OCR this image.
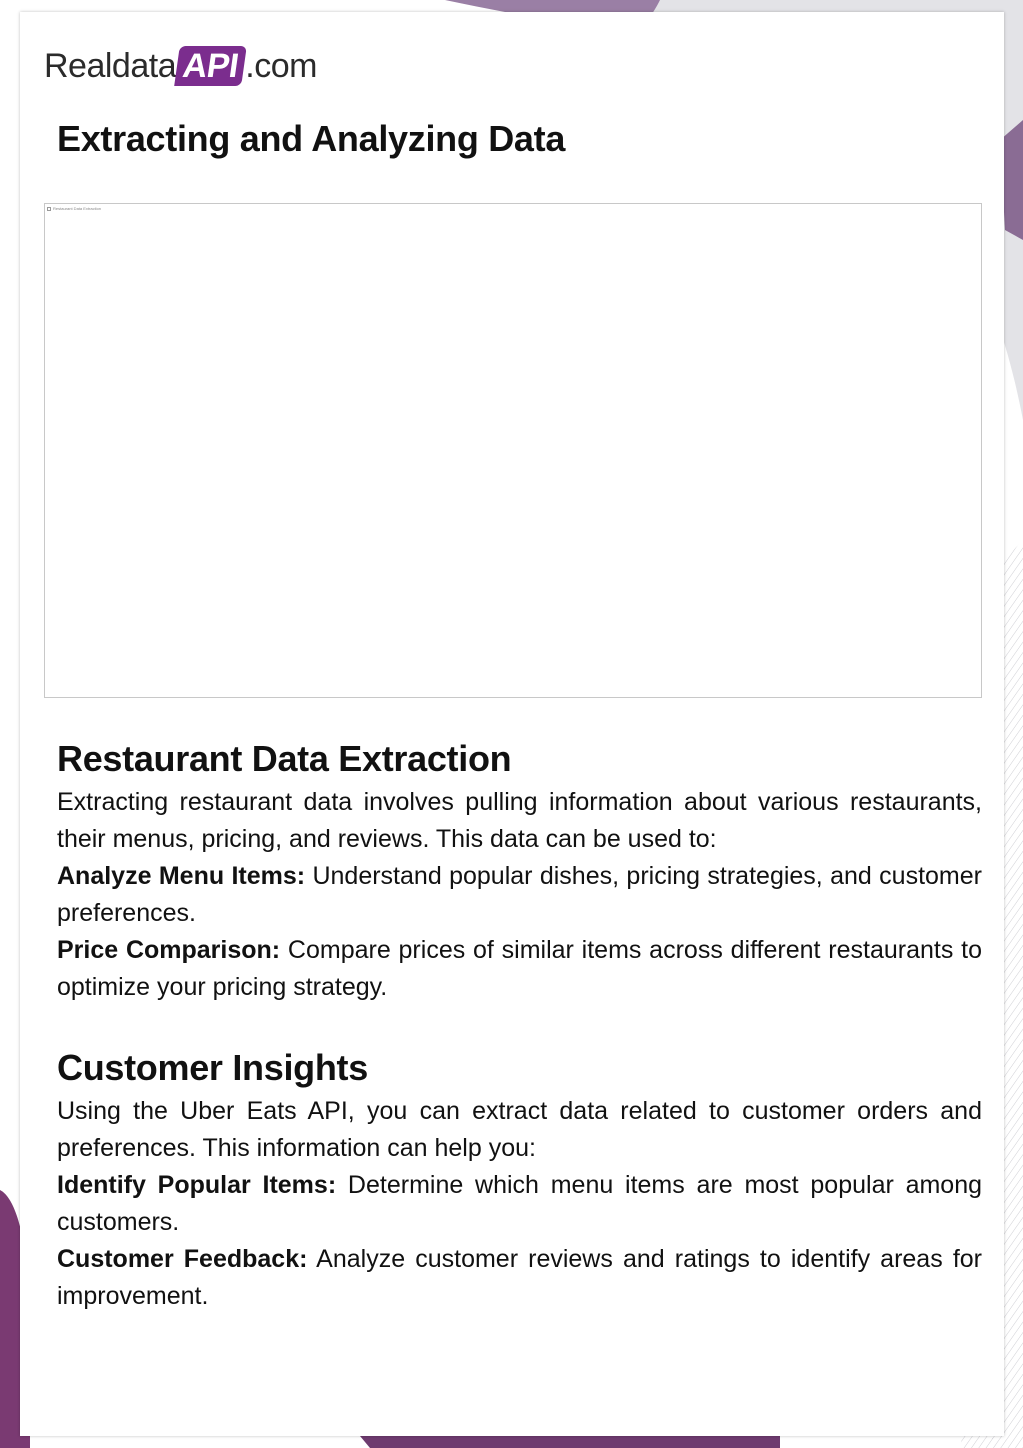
Realdata API .com
Extracting and Analyzing Data
Restaurant Data Extraction
Restaurant Data Extraction

Extracting restaurant data involves pulling information about various restaurants, their menus, pricing, and reviews. This data can be used to:

Analyze Menu Items: Understand popular dishes, pricing strategies, and customer preferences.

Price Comparison: Compare prices of similar items across different restaurants to optimize your pricing strategy.

Customer Insights

Using the Uber Eats API, you can extract data related to customer orders and preferences. This information can help you:

Identify Popular Items: Determine which menu items are most popular among customers.

Customer Feedback: Analyze customer reviews and ratings to identify areas for improvement.
